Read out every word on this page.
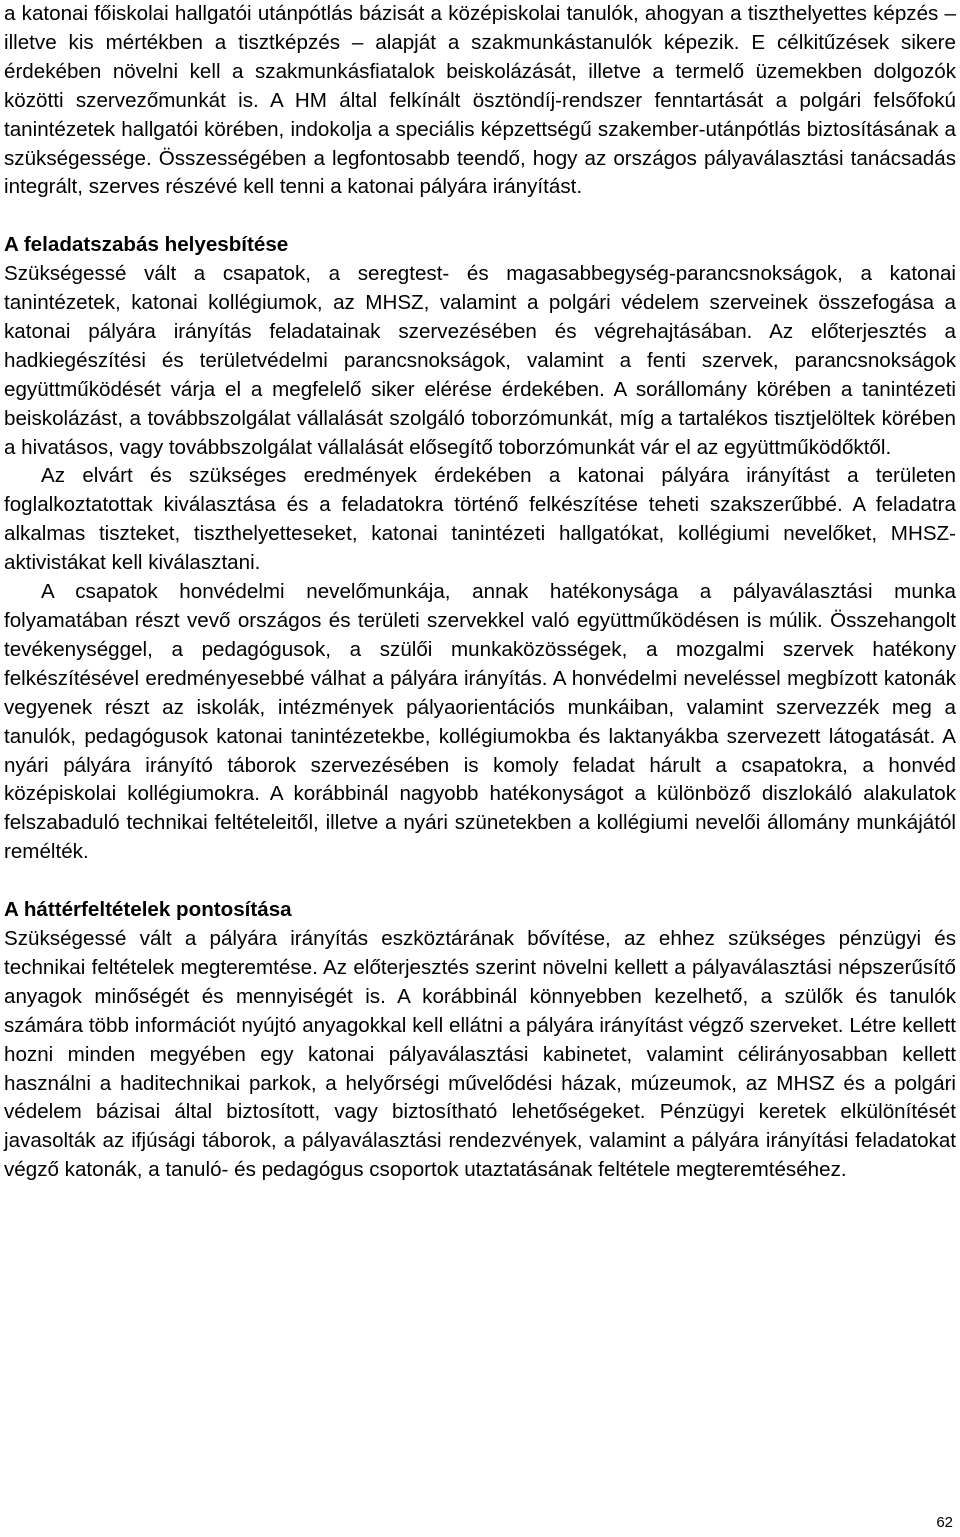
a katonai főiskolai hallgatói utánpótlás bázisát a középiskolai tanulók, ahogyan a tiszthelyettes képzés – illetve kis mértékben a tisztképzés – alapját a szakmunkástanulók képezik. E célkitűzések sikere érdekében növelni kell a szakmunkásfiatalok beiskolázását, illetve a termelő üzemekben dolgozók közötti szervezőmunkát is. A HM által felkínált ösztöndíj-rendszer fenntartását a polgári felsőfokú tanintézetek hallgatói körében, indokolja a speciális képzettségű szakember-utánpótlás biztosításának a szükségessége. Összességében a legfontosabb teendő, hogy az országos pályaválasztási tanácsadás integrált, szerves részévé kell tenni a katonai pályára irányítást.

A feladatszabás helyesbítése

Szükségessé vált a csapatok, a seregtest- és magasabbegység-parancsnokságok, a katonai tanintézetek, katonai kollégiumok, az MHSZ, valamint a polgári védelem szerveinek összefogása a katonai pályára irányítás feladatainak szervezésében és végrehajtásában. Az előterjesztés a hadkiegészítési és területvédelmi parancsnokságok, valamint a fenti szervek, parancsnokságok együttműködését várja el a megfelelő siker elérése érdekében. A sorállomány körében a tanintézeti beiskolázást, a továbbszolgálat vállalását szolgáló toborzómunkát, míg a tartalékos tisztjelöltek körében a hivatásos, vagy továbbszolgálat vállalását elősegítő toborzómunkát vár el az együttműködőktől.

Az elvárt és szükséges eredmények érdekében a katonai pályára irányítást a területen foglalkoztatottak kiválasztása és a feladatokra történő felkészítése teheti szakszerűbbé. A feladatra alkalmas tiszteket, tiszthelyetteseket, katonai tanintézeti hallgatókat, kollégiumi nevelőket, MHSZ-aktivistákat kell kiválasztani.

A csapatok honvédelmi nevelőmunkája, annak hatékonysága a pályaválasztási munka folyamatában részt vevő országos és területi szervekkel való együttműködésen is múlik. Összehangolt tevékenységgel, a pedagógusok, a szülői munkaközösségek, a mozgalmi szervek hatékony felkészítésével eredményesebbé válhat a pályára irányítás. A honvédelmi neveléssel megbízott katonák vegyenek részt az iskolák, intézmények pályaorientációs munkáiban, valamint szervezzék meg a tanulók, pedagógusok katonai tanintézetekbe, kollégiumokba és laktanyákba szervezett látogatását. A nyári pályára irányító táborok szervezésében is komoly feladat hárult a csapatokra, a honvéd középiskolai kollégiumokra. A korábbinál nagyobb hatékonyságot a különböző diszlokáló alakulatok felszabaduló technikai feltételeitől, illetve a nyári szünetekben a kollégiumi nevelői állomány munkájától remélték.

A háttérfeltételek pontosítása

Szükségessé vált a pályára irányítás eszköztárának bővítése, az ehhez szükséges pénzügyi és technikai feltételek megteremtése. Az előterjesztés szerint növelni kellett a pályaválasztási népszerűsítő anyagok minőségét és mennyiségét is. A korábbinál könnyebben kezelhető, a szülők és tanulók számára több információt nyújtó anyagokkal kell ellátni a pályára irányítást végző szerveket. Létre kellett hozni minden megyében egy katonai pályaválasztási kabinetet, valamint célirányosabban kellett használni a haditechnikai parkok, a helyőrségi művelődési házak, múzeumok, az MHSZ és a polgári védelem bázisai által biztosított, vagy biztosítható lehetőségeket. Pénzügyi keretek elkülönítését javasolták az ifjúsági táborok, a pályaválasztási rendezvények, valamint a pályára irányítási feladatokat végző katonák, a tanuló- és pedagógus csoportok utaztatásának feltétele megteremtéséhez.

62
